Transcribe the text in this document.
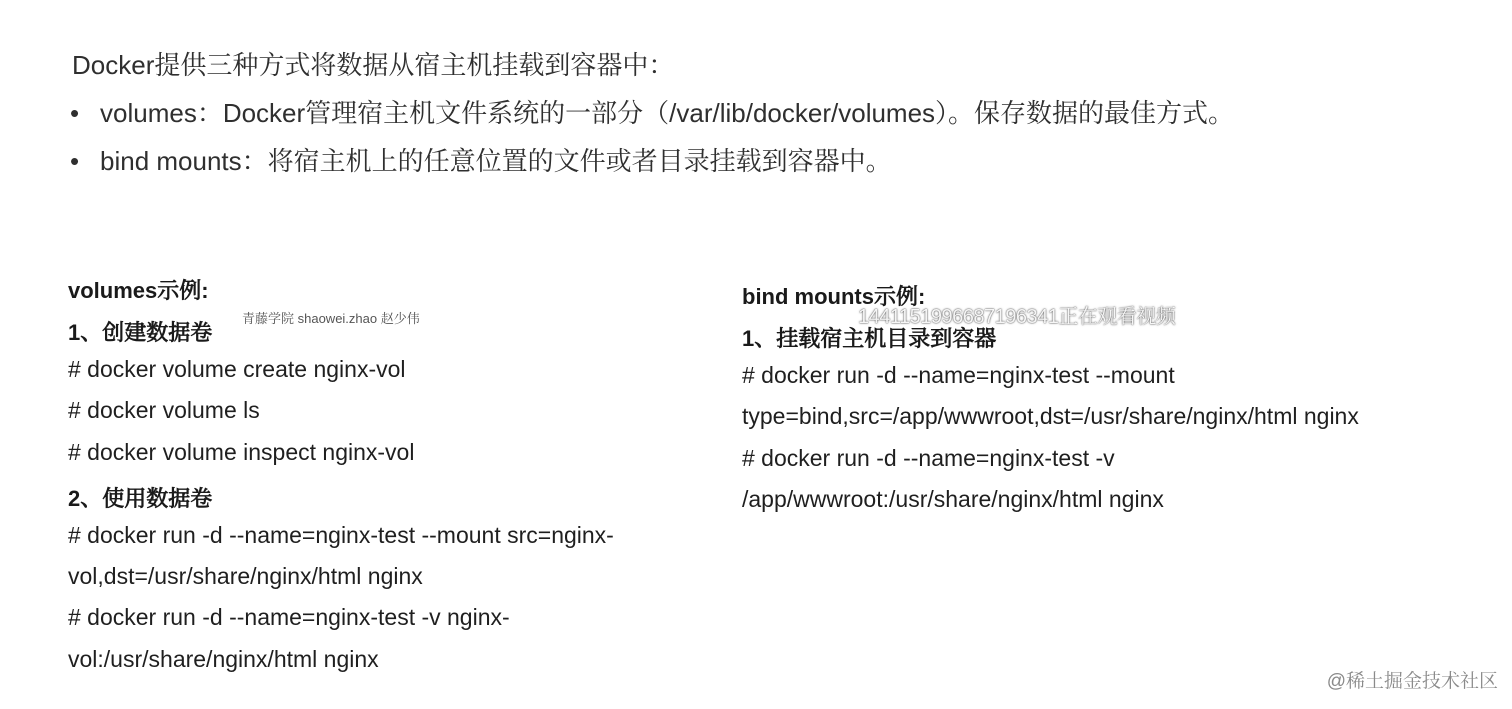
Docker提供三种方式将数据从宿主机挂载到容器中：
• volumes：Docker管理宿主机文件系统的一部分（/var/lib/docker/volumes）。保存数据的最佳方式。
• bind mounts：将宿主机上的任意位置的文件或者目录挂载到容器中。
volumes示例:
1、创建数据卷
# docker volume create nginx-vol
# docker volume ls
# docker volume inspect nginx-vol
2、使用数据卷
# docker run -d --name=nginx-test --mount src=nginx-
vol,dst=/usr/share/nginx/html nginx
# docker run -d --name=nginx-test -v nginx-
vol:/usr/share/nginx/html nginx
青藤学院 shaowei.zhao 赵少伟
bind mounts示例:
1、挂载宿主机目录到容器
# docker run -d --name=nginx-test --mount
type=bind,src=/app/wwwroot,dst=/usr/share/nginx/html nginx
# docker run -d --name=nginx-test -v
/app/wwwroot:/usr/share/nginx/html nginx
1441151996687196341正在观看视频
@稀土掘金技术社区
